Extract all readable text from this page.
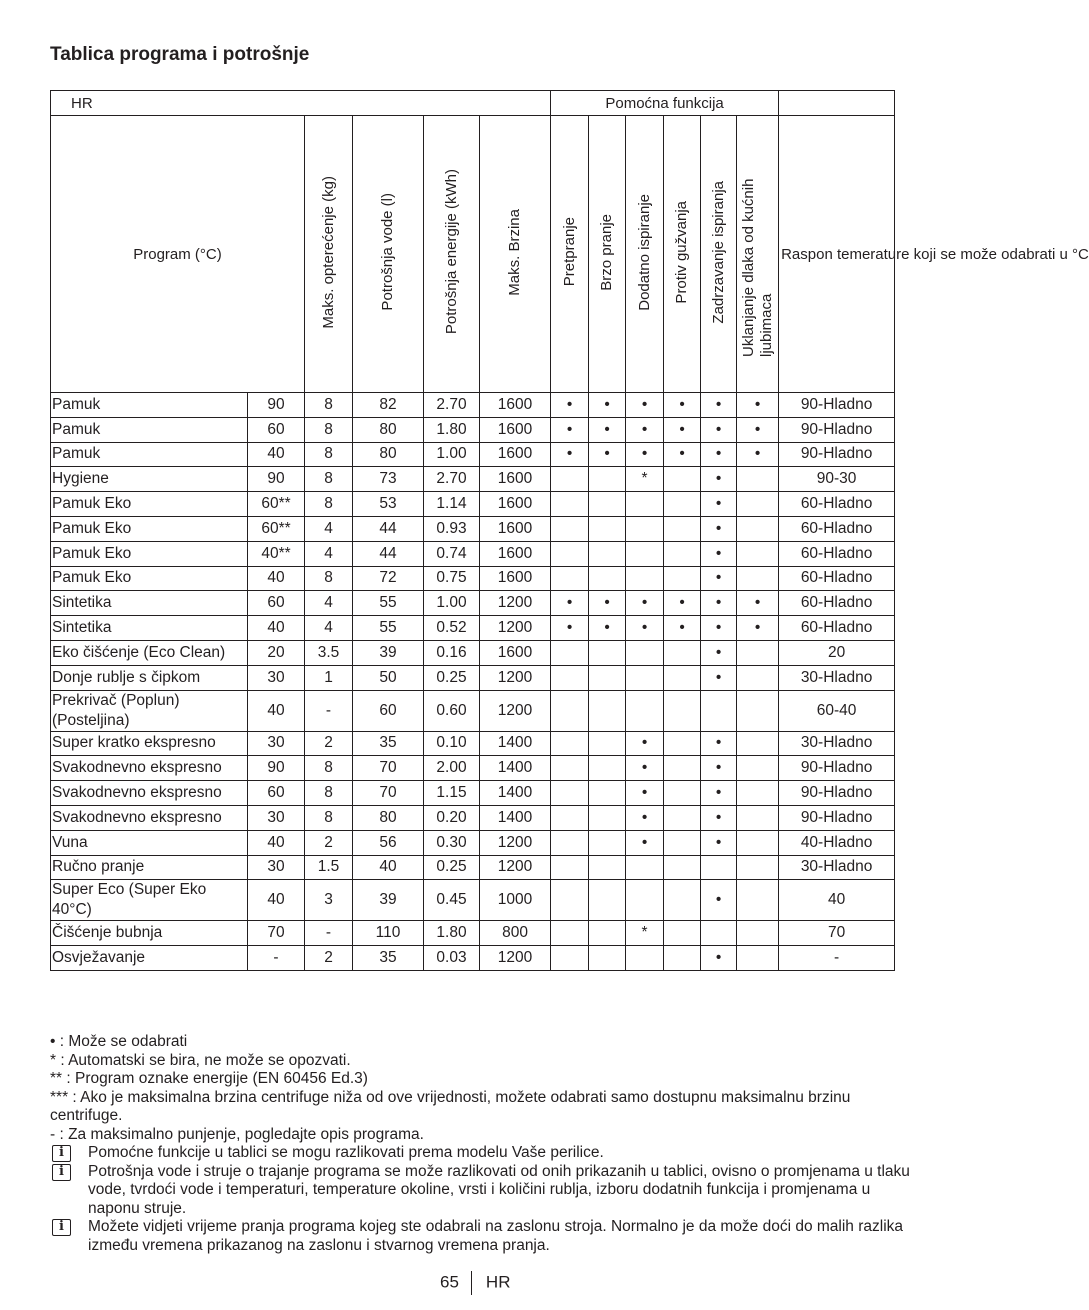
Tablica programa i potrošnje
HR						Pomoćna funkcija						
Program (°C)		Maks. opterećenje (kg)	Potrošnja vode (l)	Potrošnja energije (kWh)	Maks. Brzina	Pretpranje	Brzo pranje	Dodatno ispiranje	Protiv gužvanja	Zadrzavanje ispiranja	Uklanjanje dlaka od kućnih ljubimaca	Raspon temerature koji se može odabrati u °C
Pamuk	90	8	82	2.70	1600	•	•	•	•	•	•	90-Hladno
Pamuk	60	8	80	1.80	1600	•	•	•	•	•	•	90-Hladno
Pamuk	40	8	80	1.00	1600	•	•	•	•	•	•	90-Hladno
Hygiene	90	8	73	2.70	1600			*		•		90-30
Pamuk Eko	60**	8	53	1.14	1600					•		60-Hladno
Pamuk Eko	60**	4	44	0.93	1600					•		60-Hladno
Pamuk Eko	40**	4	44	0.74	1600					•		60-Hladno
Pamuk Eko	40	8	72	0.75	1600					•		60-Hladno
Sintetika	60	4	55	1.00	1200	•	•	•	•	•	•	60-Hladno
Sintetika	40	4	55	0.52	1200	•	•	•	•	•	•	60-Hladno
Eko čišćenje (Eco Clean)	20	3.5	39	0.16	1600					•		20
Donje rublje s čipkom	30	1	50	0.25	1200					•		30-Hladno
Prekrivač (Poplun) (Posteljina)	40	-	60	0.60	1200							60-40
Super kratko ekspresno	30	2	35	0.10	1400			•		•		30-Hladno
Svakodnevno ekspresno	90	8	70	2.00	1400			•		•		90-Hladno
Svakodnevno ekspresno	60	8	70	1.15	1400			•		•		90-Hladno
Svakodnevno ekspresno	30	8	80	0.20	1400			•		•		90-Hladno
Vuna	40	2	56	0.30	1200			•		•		40-Hladno
Ručno pranje	30	1.5	40	0.25	1200							30-Hladno
Super Eco (Super Eko 40°C)	40	3	39	0.45	1000					•		40
Čišćenje bubnja	70	-	110	1.80	800			*				70
Osvježavanje	-	2	35	0.03	1200					•		-

• : Može se odabrati

* : Automatski se bira, ne može se opozvati.

** : Program oznake energije (EN 60456 Ed.3)

*** : Ako je maksimalna brzina centrifuge niža od ove vrijednosti, možete odabrati samo dostupnu maksimalnu brzinu centrifuge.

- : Za maksimalno punjenje, pogledajte opis programa.

i	Pomoćne funkcije u tablici se mogu razlikovati prema modelu Vaše perilice.
i	Potrošnja vode i struje o trajanje programa se može razlikovati od onih prikazanih u tablici, ovisno o promjenama u tlaku vode, tvrdoći vode i temperaturi, temperature okoline, vrsti i količini rublja, izboru dodatnih funkcija i promjenama u naponu struje.
i	Možete vidjeti vrijeme pranja programa kojeg ste odabrali na zaslonu stroja. Normalno je da može doći do malih razlika između vremena prikazanog na zaslonu i stvarnog vremena pranja.
65 HR
